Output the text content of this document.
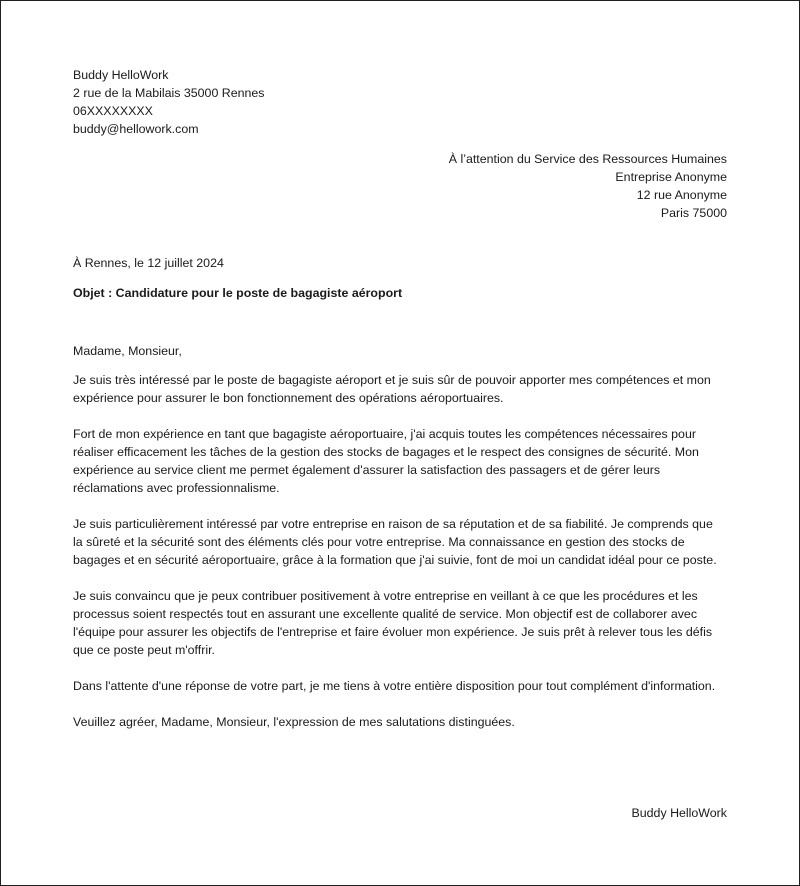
Buddy HelloWork
2 rue de la Mabilais 35000 Rennes
06XXXXXXXX
buddy@hellowork.com
À l’attention du Service des Ressources Humaines
Entreprise Anonyme
12 rue Anonyme
Paris 75000
À Rennes, le 12 juillet 2024
Objet : Candidature pour le poste de bagagiste aéroport

Madame, Monsieur,

Je suis très intéressé par le poste de bagagiste aéroport et je suis sûr de pouvoir apporter mes compétences et mon expérience pour assurer le bon fonctionnement des opérations aéroportuaires.

Fort de mon expérience en tant que bagagiste aéroportuaire, j'ai acquis toutes les compétences nécessaires pour réaliser efficacement les tâches de la gestion des stocks de bagages et le respect des consignes de sécurité. Mon expérience au service client me permet également d'assurer la satisfaction des passagers et de gérer leurs réclamations avec professionnalisme.

Je suis particulièrement intéressé par votre entreprise en raison de sa réputation et de sa fiabilité. Je comprends que la sûreté et la sécurité sont des éléments clés pour votre entreprise. Ma connaissance en gestion des stocks de bagages et en sécurité aéroportuaire, grâce à la formation que j'ai suivie, font de moi un candidat idéal pour ce poste.

Je suis convaincu que je peux contribuer positivement à votre entreprise en veillant à ce que les procédures et les processus soient respectés tout en assurant une excellente qualité de service. Mon objectif est de collaborer avec l'équipe pour assurer les objectifs de l'entreprise et faire évoluer mon expérience. Je suis prêt à relever tous les défis que ce poste peut m'offrir.

Dans l'attente d'une réponse de votre part, je me tiens à votre entière disposition pour tout complément d'information.

Veuillez agréer, Madame, Monsieur, l'expression de mes salutations distinguées.

Buddy HelloWork
